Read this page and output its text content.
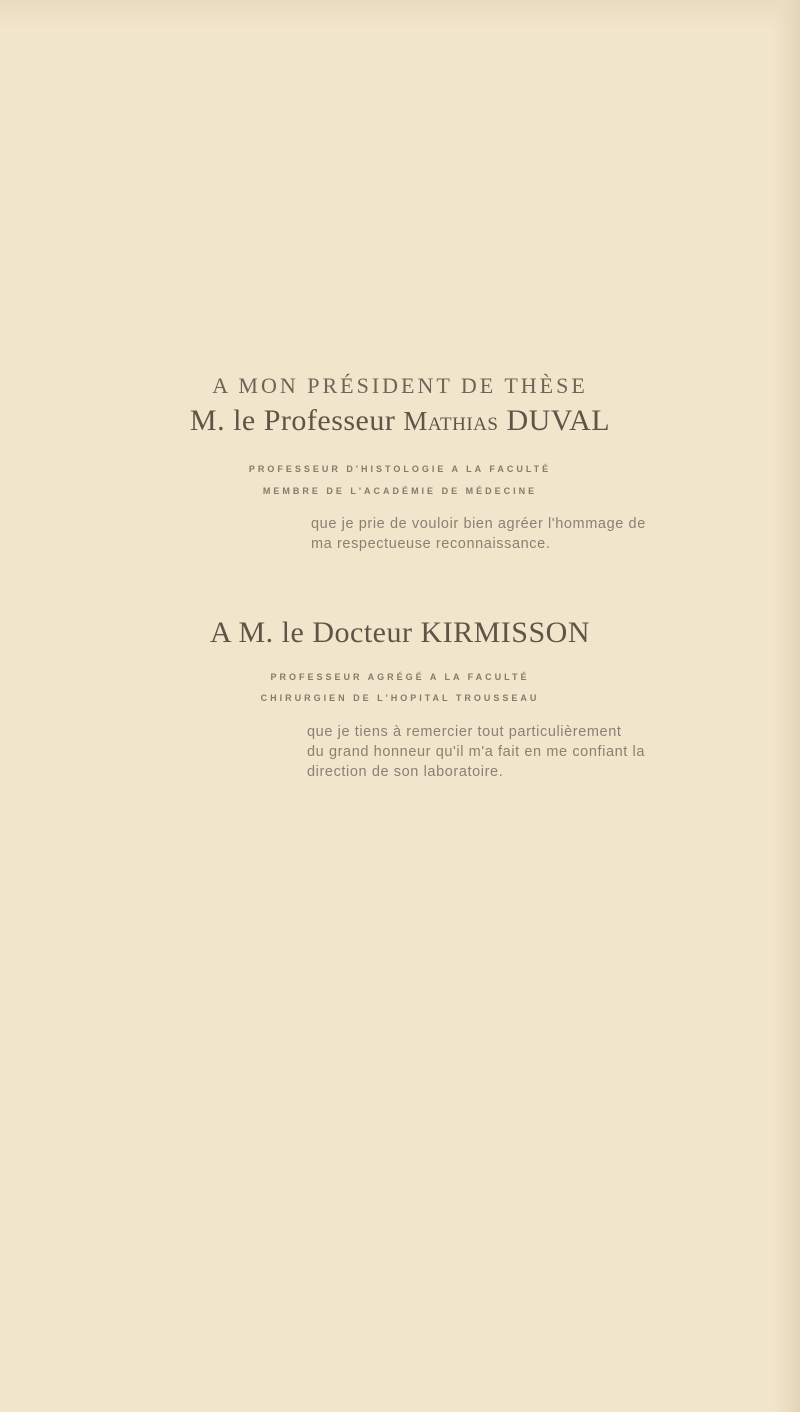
A MON PRÉSIDENT DE THÈSE
M. le Professeur Mathias DUVAL
PROFESSEUR D'HISTOLOGIE A LA FACULTÉ
MEMBRE DE L'ACADÉMIE DE MÉDECINE
que je prie de vouloir bien agréer l'hommage de
ma respectueuse reconnaissance.
A M. le Docteur KIRMISSON
PROFESSEUR AGRÉGÉ A LA FACULTÉ
CHIRURGIEN DE L'HOPITAL TROUSSEAU
que je tiens à remercier tout particulièrement
du grand honneur qu'il m'a fait en me confiant la
direction de son laboratoire.
